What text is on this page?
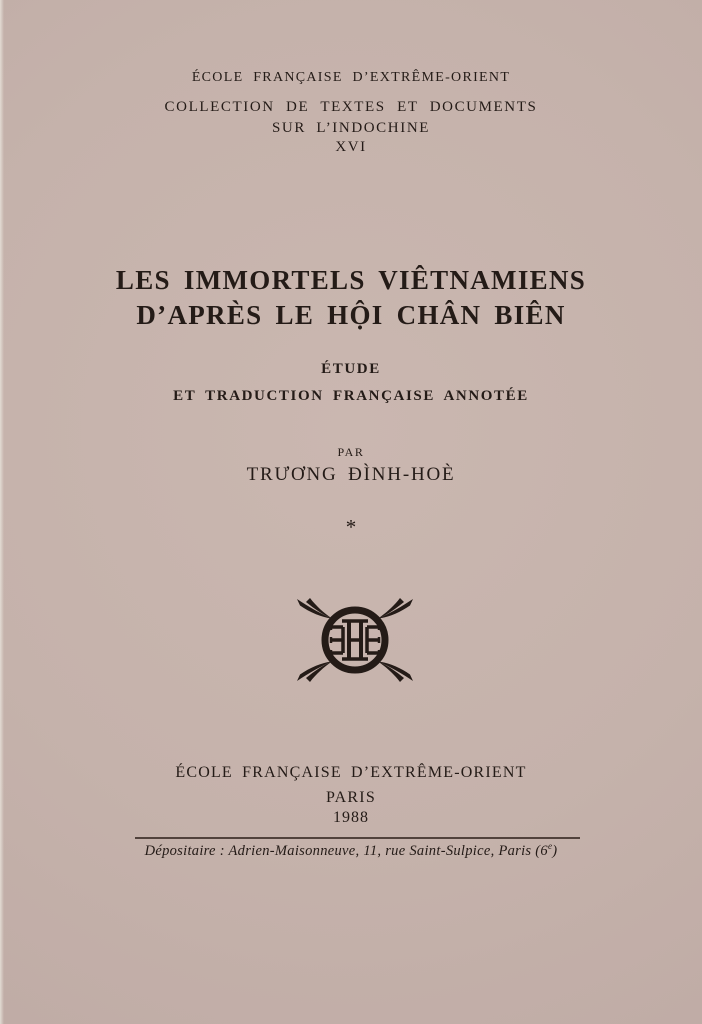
ÉCOLE FRANÇAISE D’EXTRÊME-ORIENT
COLLECTION DE TEXTES ET DOCUMENTS
SUR L’INDOCHINE
XVI
LES IMMORTELS VIÊTNAMIENS
D’APRÈS LE HỘI CHÂN BIÊN
ÉTUDE
ET TRADUCTION FRANÇAISE ANNOTÉE
PAR
TRƯƠNG ĐÌNH-HOÈ
*
ÉCOLE FRANÇAISE D’EXTRÊME-ORIENT
PARIS
1988
Dépositaire : Adrien-Maisonneuve, 11, rue Saint-Sulpice, Paris (6e)
